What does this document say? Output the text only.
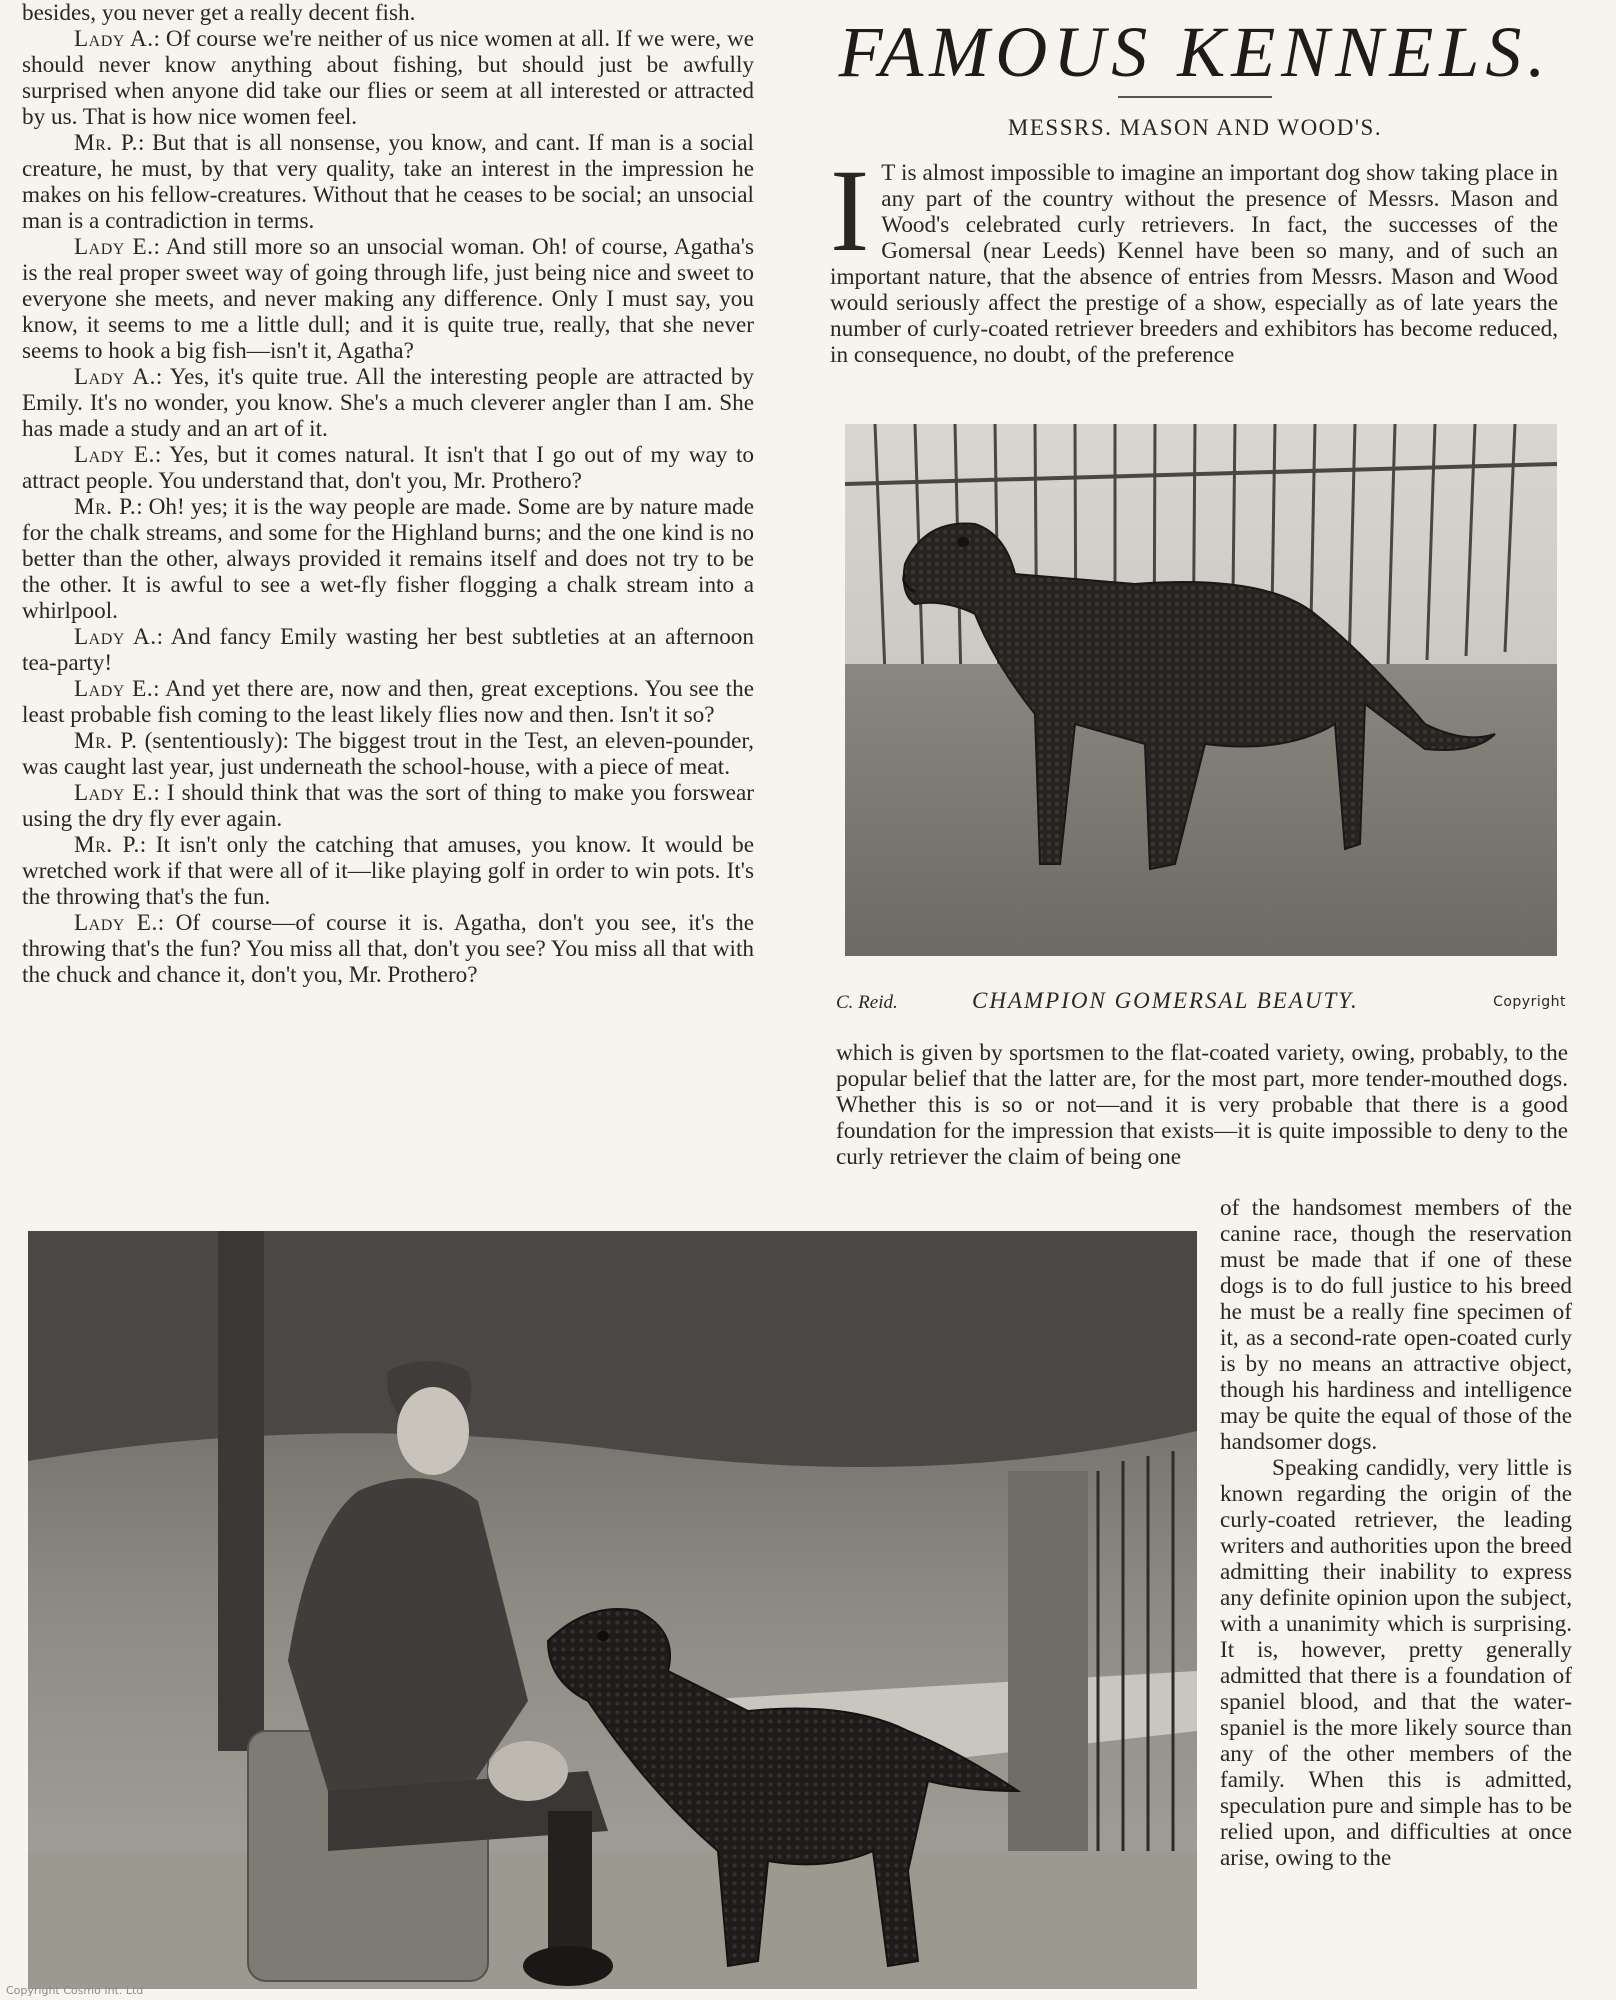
besides, you never get a really decent fish.

Lady A.: Of course we're neither of us nice women at all. If we were, we should never know anything about fishing, but should just be awfully surprised when anyone did take our flies or seem at all interested or attracted by us. That is how nice women feel.

Mr. P.: But that is all nonsense, you know, and cant. If man is a social creature, he must, by that very quality, take an interest in the impression he makes on his fellow-creatures. Without that he ceases to be social; an unsocial man is a contradiction in terms.

Lady E.: And still more so an unsocial woman. Oh! of course, Agatha's is the real proper sweet way of going through life, just being nice and sweet to everyone she meets, and never making any difference. Only I must say, you know, it seems to me a little dull; and it is quite true, really, that she never seems to hook a big fish—isn't it, Agatha?

Lady A.: Yes, it's quite true. All the interesting people are attracted by Emily. It's no wonder, you know. She's a much cleverer angler than I am. She has made a study and an art of it.

Lady E.: Yes, but it comes natural. It isn't that I go out of my way to attract people. You understand that, don't you, Mr. Prothero?

Mr. P.: Oh! yes; it is the way people are made. Some are by nature made for the chalk streams, and some for the Highland burns; and the one kind is no better than the other, always provided it remains itself and does not try to be the other. It is awful to see a wet-fly fisher flogging a chalk stream into a whirlpool.

Lady A.: And fancy Emily wasting her best subtleties at an afternoon tea-party!

Lady E.: And yet there are, now and then, great exceptions. You see the least probable fish coming to the least likely flies now and then. Isn't it so?

Mr. P. (sententiously): The biggest trout in the Test, an eleven-pounder, was caught last year, just underneath the school-house, with a piece of meat.

Lady E.: I should think that was the sort of thing to make you forswear using the dry fly ever again.

Mr. P.: It isn't only the catching that amuses, you know. It would be wretched work if that were all of it—like playing golf in order to win pots. It's the throwing that's the fun.

Lady E.: Of course—of course it is. Agatha, don't you see, it's the throwing that's the fun? You miss all that, don't you see? You miss all that with the chuck and chance it, don't you, Mr. Prothero?

FAMOUS KENNELS.
MESSRS. MASON AND WOOD'S.

I T is almost impossible to imagine an important dog show taking place in any part of the country without the presence of Messrs. Mason and Wood's celebrated curly retrievers. In fact, the successes of the Gomersal (near Leeds) Kennel have been so many, and of such an important nature, that the absence of entries from Messrs. Mason and Wood would seriously affect the prestige of a show, especially as of late years the number of curly-coated retriever breeders and exhibitors has become reduced, in consequence, no doubt, of the preference

C. Reid.	CHAMPION GOMERSAL BEAUTY.	Copyright

which is given by sportsmen to the flat-coated variety, owing, probably, to the popular belief that the latter are, for the most part, more tender-mouthed dogs. Whether this is so or not—and it is very probable that there is a good foundation for the impression that exists—it is quite impossible to deny to the curly retriever the claim of being one

of the handsomest members of the canine race, though the reservation must be made that if one of these dogs is to do full justice to his breed he must be a really fine specimen of it, as a second-rate open-coated curly is by no means an attractive object, though his hardiness and intelligence may be quite the equal of those of the handsomer dogs.

Speaking candidly, very little is known regarding the origin of the curly-coated retriever, the leading writers and authorities upon the breed admitting their inability to express any definite opinion upon the subject, with a unanimity which is surprising. It is, however, pretty generally admitted that there is a foundation of spaniel blood, and that the water-spaniel is the more likely source than any of the other members of the family. When this is admitted, speculation pure and simple has to be relied upon, and difficulties at once arise, owing to the

Copyright Cosmo Int. Ltd
